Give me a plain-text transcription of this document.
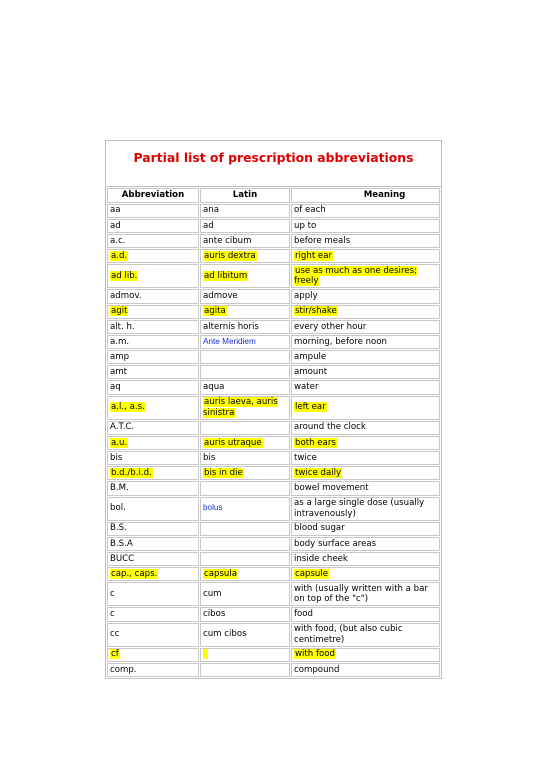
Partial list of prescription abbreviations
Abbreviation	Latin	Meaning
aa	ana	of each
ad	ad	up to
a.c.	ante cibum	before meals
a.d.	auris dextra	right ear
ad lib.	ad libitum	use as much as one desires; freely
admov.	admove	apply
agit	agita	stir/shake
alt. h.	alternis horis	every other hour
a.m.	Ante Meridiem	morning, before noon
amp		ampule
amt		amount
aq	aqua	water
a.l., a.s.	auris laeva, auris sinistra	left ear
A.T.C.		around the clock
a.u.	auris utraque	both ears
bis	bis	twice
b.d./b.i.d.	bis in die	twice daily
B.M.		bowel movement
bol.	bolus	as a large single dose (usually intravenously)
B.S.		blood sugar
B.S.A		body surface areas
BUCC		inside cheek
cap., caps.	capsula	capsule
c	cum	with (usually written with a bar on top of the "c")
c	cibos	food
cc	cum cibos	with food, (but also cubic centimetre)
cf		with food
comp.		compound
